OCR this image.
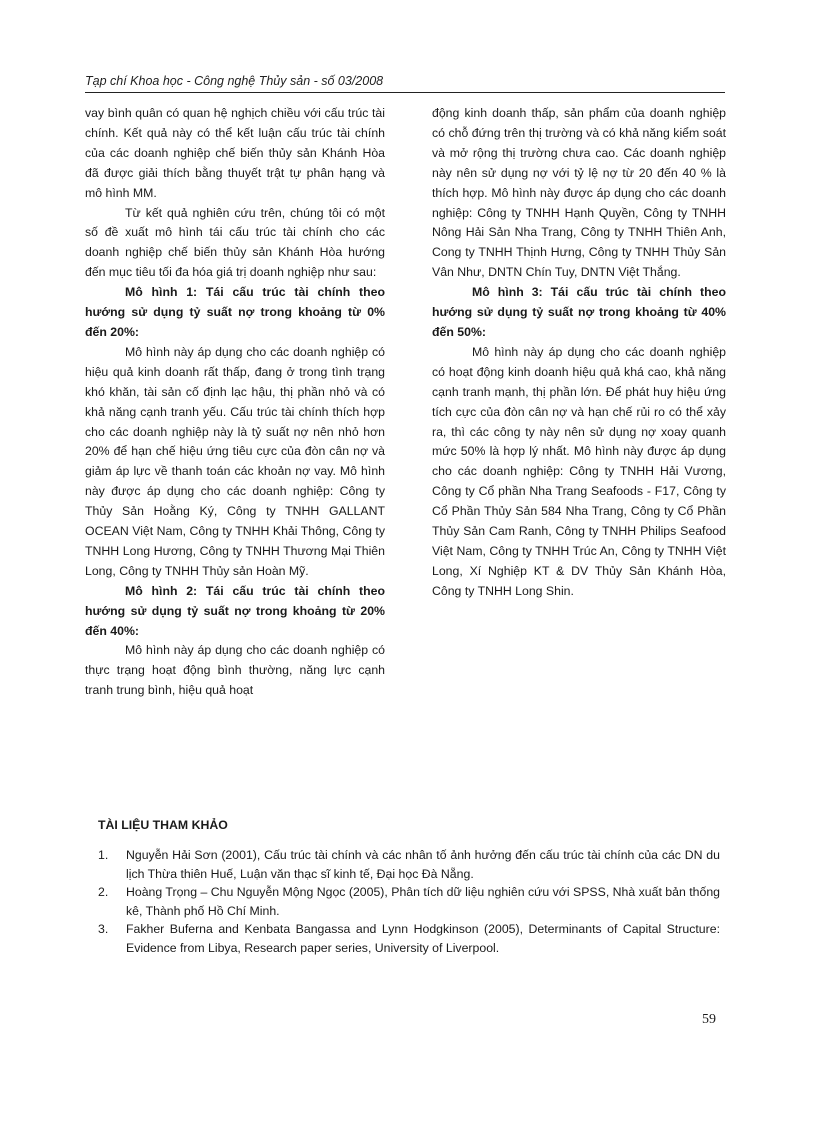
Tạp chí Khoa học - Công nghệ Thủy sản - số 03/2008

vay bình quân có quan hệ nghịch chiều với cấu trúc tài chính. Kết quả này có thể kết luận cấu trúc tài chính của các doanh nghiệp chế biến thủy sản Khánh Hòa đã được giải thích bằng thuyết trật tự phân hạng và mô hình MM.

Từ kết quả nghiên cứu trên, chúng tôi có một số đề xuất mô hình tái cấu trúc tài chính cho các doanh nghiệp chế biến thủy sản Khánh Hòa hướng đến mục tiêu tối đa hóa giá trị doanh nghiệp như sau:

Mô hình 1: Tái cấu trúc tài chính theo hướng sử dụng tỷ suất nợ trong khoảng từ 0% đến 20%:

Mô hình này áp dụng cho các doanh nghiệp có hiệu quả kinh doanh rất thấp, đang ở trong tình trạng khó khăn, tài sản cố định lạc hậu, thị phần nhỏ và có khả năng cạnh tranh yếu. Cấu trúc tài chính thích hợp cho các doanh nghiệp này là tỷ suất nợ nên nhỏ hơn 20% để hạn chế hiệu ứng tiêu cực của đòn cân nợ và giảm áp lực về thanh toán các khoản nợ vay. Mô hình này được áp dụng cho các doanh nghiệp: Công ty Thủy Sản Hoằng Ký, Công ty TNHH GALLANT OCEAN Việt Nam, Công ty TNHH Khải Thông, Công ty TNHH Long Hương, Công ty TNHH Thương Mại Thiên Long, Công ty TNHH Thủy sản Hoàn Mỹ.

Mô hình 2: Tái cấu trúc tài chính theo hướng sử dụng tỷ suất nợ trong khoảng từ 20% đến 40%:

Mô hình này áp dụng cho các doanh nghiệp có thực trạng hoạt động bình thường, năng lực cạnh tranh trung bình, hiệu quả hoạt

động kinh doanh thấp, sản phẩm của doanh nghiệp có chỗ đứng trên thị trường và có khả năng kiểm soát và mở rộng thị trường chưa cao. Các doanh nghiệp này nên sử dụng nợ với tỷ lệ nợ từ 20 đến 40 % là thích hợp. Mô hình này được áp dụng cho các doanh nghiệp: Công ty TNHH Hạnh Quyền, Công ty TNHH Nông Hải Sản Nha Trang, Công ty TNHH Thiên Anh, Cong ty TNHH Thịnh Hưng, Công ty TNHH Thủy Sản Vân Như, DNTN Chín Tuy, DNTN Việt Thắng.

Mô hình 3: Tái cấu trúc tài chính theo hướng sử dụng tỷ suất nợ trong khoảng từ 40% đến 50%:

Mô hình này áp dụng cho các doanh nghiệp có hoạt động kinh doanh hiệu quả khá cao, khả năng cạnh tranh mạnh, thị phần lớn. Để phát huy hiệu ứng tích cực của đòn cân nợ và hạn chế rủi ro có thể xảy ra, thì các công ty này nên sử dụng nợ xoay quanh mức 50% là hợp lý nhất. Mô hình này được áp dụng cho các doanh nghiệp: Công ty TNHH Hải Vương, Công ty Cổ phần Nha Trang Seafoods - F17, Công ty Cổ Phần Thủy Sản 584 Nha Trang, Công ty Cổ Phần Thủy Sản Cam Ranh, Công ty TNHH Philips Seafood Việt Nam, Công ty TNHH Trúc An, Công ty TNHH Việt Long, Xí Nghiệp KT & DV Thủy Sản Khánh Hòa, Công ty TNHH Long Shin.

TÀI LIỆU THAM KHẢO
1. Nguyễn Hải Sơn (2001), Cấu trúc tài chính và các nhân tố ảnh hưởng đến cấu trúc tài chính của các DN du lịch Thừa thiên Huế, Luận văn thạc sĩ kinh tế, Đại học Đà Nẵng.
2. Hoàng Trọng – Chu Nguyễn Mộng Ngọc (2005), Phân tích dữ liệu nghiên cứu với SPSS, Nhà xuất bản thống kê, Thành phố Hồ Chí Minh.
3. Fakher Buferna and Kenbata Bangassa and Lynn Hodgkinson (2005), Determinants of Capital Structure: Evidence from Libya, Research paper series, University of Liverpool.
59
